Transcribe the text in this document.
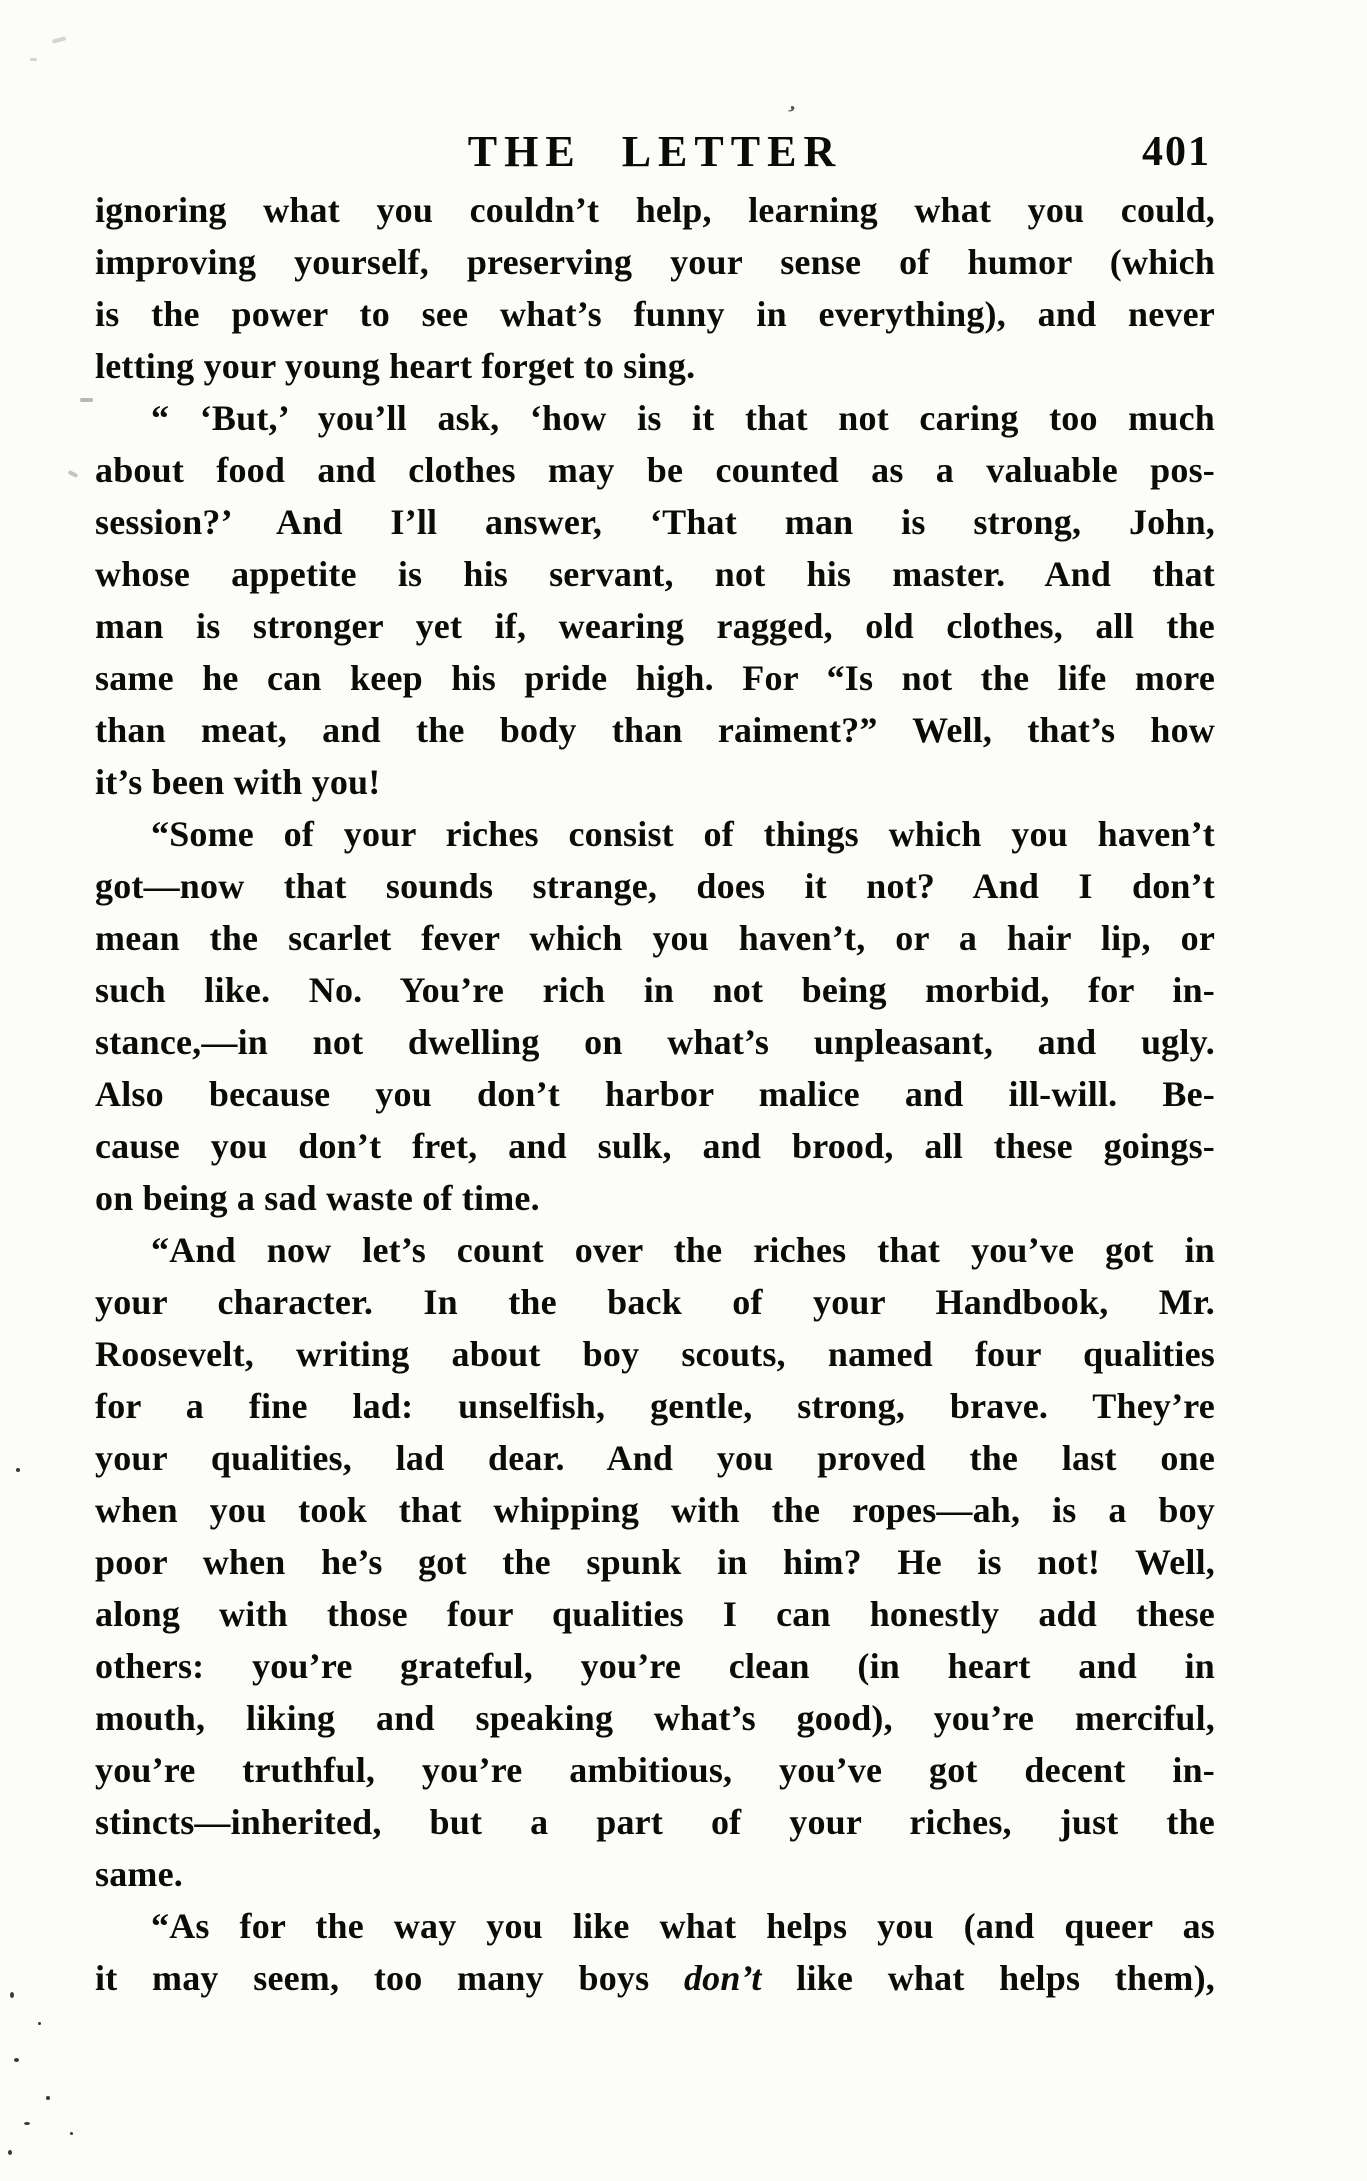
THE LETTER	401
ignoring what you couldn’t help, learning what you could,
improving yourself, preserving your sense of humor (which
is the power to see what’s funny in everything), and never
letting your young heart forget to sing.
“ ‘But,’ you’ll ask, ‘how is it that not caring too much
about food and clothes may be counted as a valuable pos-
session?’ And I’ll answer, ‘That man is strong, John,
whose appetite is his servant, not his master. And that
man is stronger yet if, wearing ragged, old clothes, all the
same he can keep his pride high. For “Is not the life more
than meat, and the body than raiment?” Well, that’s how
it’s been with you!
“Some of your riches consist of things which you haven’t
got—now that sounds strange, does it not? And I don’t
mean the scarlet fever which you haven’t, or a hair lip, or
such like. No. You’re rich in not being morbid, for in-
stance,—in not dwelling on what’s unpleasant, and ugly.
Also because you don’t harbor malice and ill-will. Be-
cause you don’t fret, and sulk, and brood, all these goings-
on being a sad waste of time.
“And now let’s count over the riches that you’ve got in
your character. In the back of your Handbook, Mr.
Roosevelt, writing about boy scouts, named four qualities
for a fine lad: unselfish, gentle, strong, brave. They’re
your qualities, lad dear. And you proved the last one
when you took that whipping with the ropes—ah, is a boy
poor when he’s got the spunk in him? He is not! Well,
along with those four qualities I can honestly add these
others: you’re grateful, you’re clean (in heart and in
mouth, liking and speaking what’s good), you’re merciful,
you’re truthful, you’re ambitious, you’ve got decent in-
stincts—inherited, but a part of your riches, just the
same.
“As for the way you like what helps you (and queer as
it may seem, too many boys don’t like what helps them),
’
